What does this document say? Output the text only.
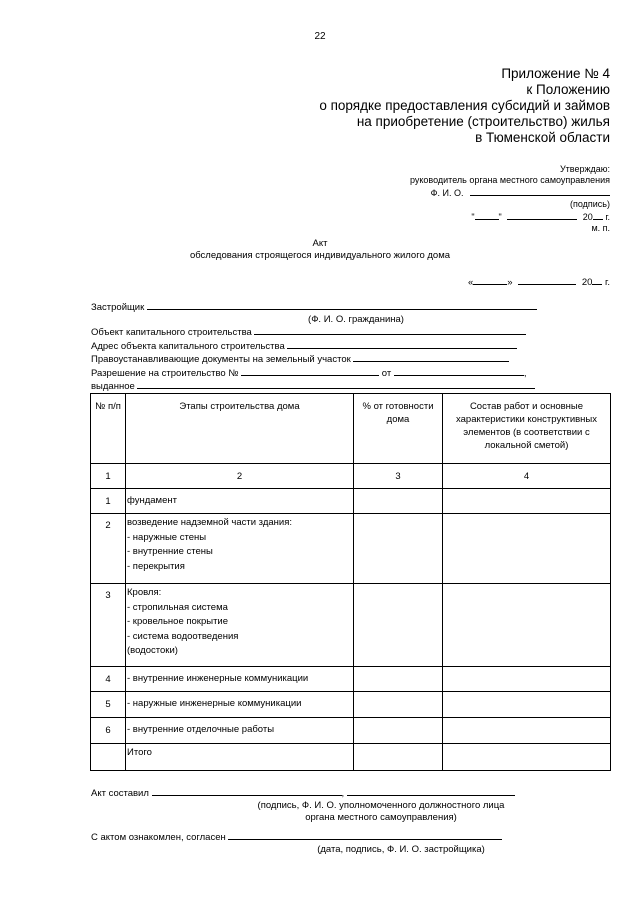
22
Приложение № 4
к Положению
о порядке предоставления субсидий и займов
на приобретение (строительство) жилья
в Тюменской области
Утверждаю:
руководитель органа местного самоуправления
Ф. И. О.
(подпись)
"	"	20 г.
м. п.
Акт
обследования строящегося индивидуального жилого дома
«	»	20 г.
Застройщик
(Ф. И. О. гражданина)
Объект капитального строительства
Адрес объекта капитального строительства
Правоустанавливающие документы на земельный участок
Разрешение на строительство №	от	,
выданное
№ п/п	Этапы строительства дома	% от готовности дома	Состав работ и основные характеристики конструктивных элементов (в соответствии с локальной сметой)
1	2	3	4
1	фундамент		

2	возведение надземной части здания:
- наружные стены
- внутренние стены
- перекрытия		

3	Кровля:
- стропильная система
- кровельное покрытие
- система водоотведения
(водостоки)		

4	- внутренние инженерные коммуникации		

5	- наружные инженерные коммуникации		

6	- внутренние отделочные работы		

	Итого		

Акт составил	,
(подпись, Ф. И. О. уполномоченного должностного лица
органа местного самоуправления)
С актом ознакомлен, согласен
(дата, подпись, Ф. И. О. застройщика)
